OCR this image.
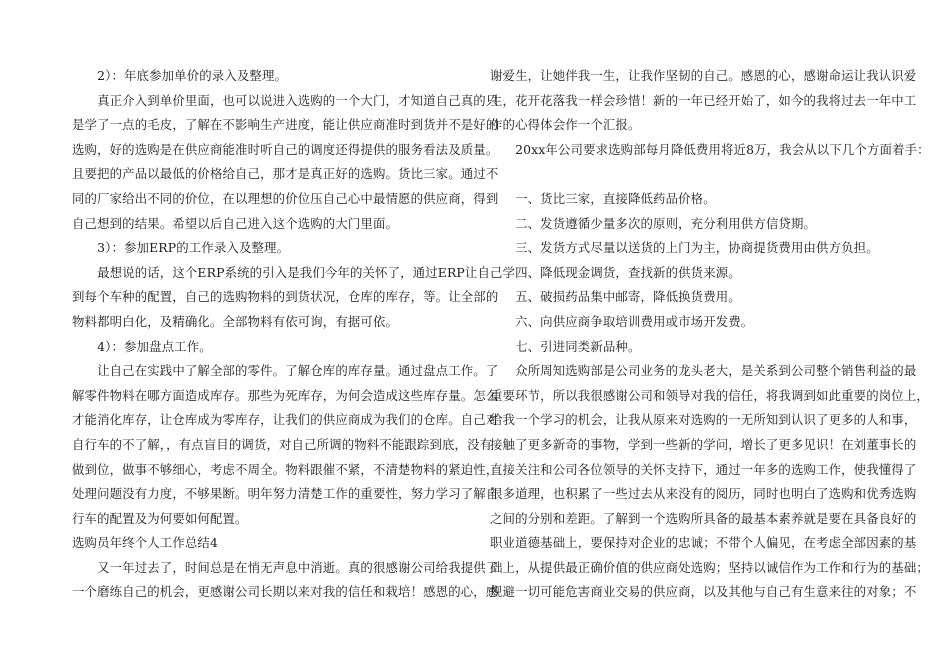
　　2）：年底参加单价的录入及整理。
　　真正介入到单价里面，也可以说进入选购的一个大门，才知道自己真的只
是学了一点的毛皮，了解在不影响生产进度，能让供应商准时到货并不是好的
选购，好的选购是在供应商能准时听自己的调度还得提供的服务看法及质量。
且要把的产品以最低的价格给自己，那才是真正好的选购。货比三家。通过不
同的厂家给出不同的价位，在以理想的价位压自己心中最情愿的供应商，得到
自己想到的结果。希望以后自己进入这个选购的大门里面。
　　3）：参加ERP的工作录入及整理。
　　最想说的话，这个ERP系统的引入是我们今年的关怀了，通过ERP让自己学
到每个车种的配置，自己的选购物料的到货状况，仓库的库存，等。让全部的
物料都明白化，及精确化。全部物料有依可询，有据可依。
　　4）：参加盘点工作。
　　让自己在实践中了解全部的零件。了解仓库的库存量。通过盘点工作。了
解零件物料在哪方面造成库存。那些为死库存，为何会造成这些库存量。怎么
才能消化库存，让仓库成为零库存，让我们的供应商成为我们的仓库。自己对
自行车的不了解，，有点盲目的调货，对自己所调的物料不能跟踪到底，没有
做到位，做事不够细心，考虑不周全。物料跟催不紧，不清楚物料的紧迫性，
处理问题没有力度，不够果断。明年努力清楚工作的重要性，努力学习了解自
行车的配置及为何要如何配置。
选购员年终个人工作总结4
　　又一年过去了，时间总是在悄无声息中消逝。真的很感谢公司给我提供了
一个磨练自己的机会，更感谢公司长期以来对我的信任和栽培！感恩的心，感
谢爱生，让她伴我一生，让我作坚韧的自己。感恩的心，感谢命运让我认识爱
生，花开花落我一样会珍惜！新的一年已经开始了，如今的我将过去一年中工
作的心得体会作一个汇报。
　　20xx年公司要求选购部每月降低费用将近8万，我会从以下几个方面着手：
　　一、货比三家，直接降低药品价格。
　　二、发货遵循少量多次的原则，充分利用供方信贷期。
　　三、发货方式尽量以送货的上门为主，协商提货费用由供方负担。
　　四、降低现金调货，查找新的供货来源。
　　五、破损药品集中邮寄，降低换货费用。
　　六、向供应商争取培训费用或市场开发费。
　　七、引进同类新品种。
　　众所周知选购部是公司业务的龙头老大，是关系到公司整个销售利益的最
重要环节，所以我很感谢公司和领导对我的信任，将我调到如此重要的岗位上，
给我一个学习的机会，让我从原来对选购的一无所知到认识了更多的人和事，
接触了更多新奇的事物，学到一些新的学问，增长了更多见识！在刘董事长的
直接关注和公司各位领导的关怀支持下，通过一年多的选购工作，使我懂得了
很多道理，也积累了一些过去从来没有的阅历，同时也明白了选购和优秀选购
之间的分别和差距。了解到一个选购所具备的最基本素养就是要在具备良好的
职业道德基础上，要保持对企业的忠诚；不带个人偏见，在考虑全部因素的基
础上，从提供最正确价值的供应商处选购；坚持以诚信作为工作和行为的基础；
规避一切可能危害商业交易的供应商，以及其他与自己有生意来往的对象；不
